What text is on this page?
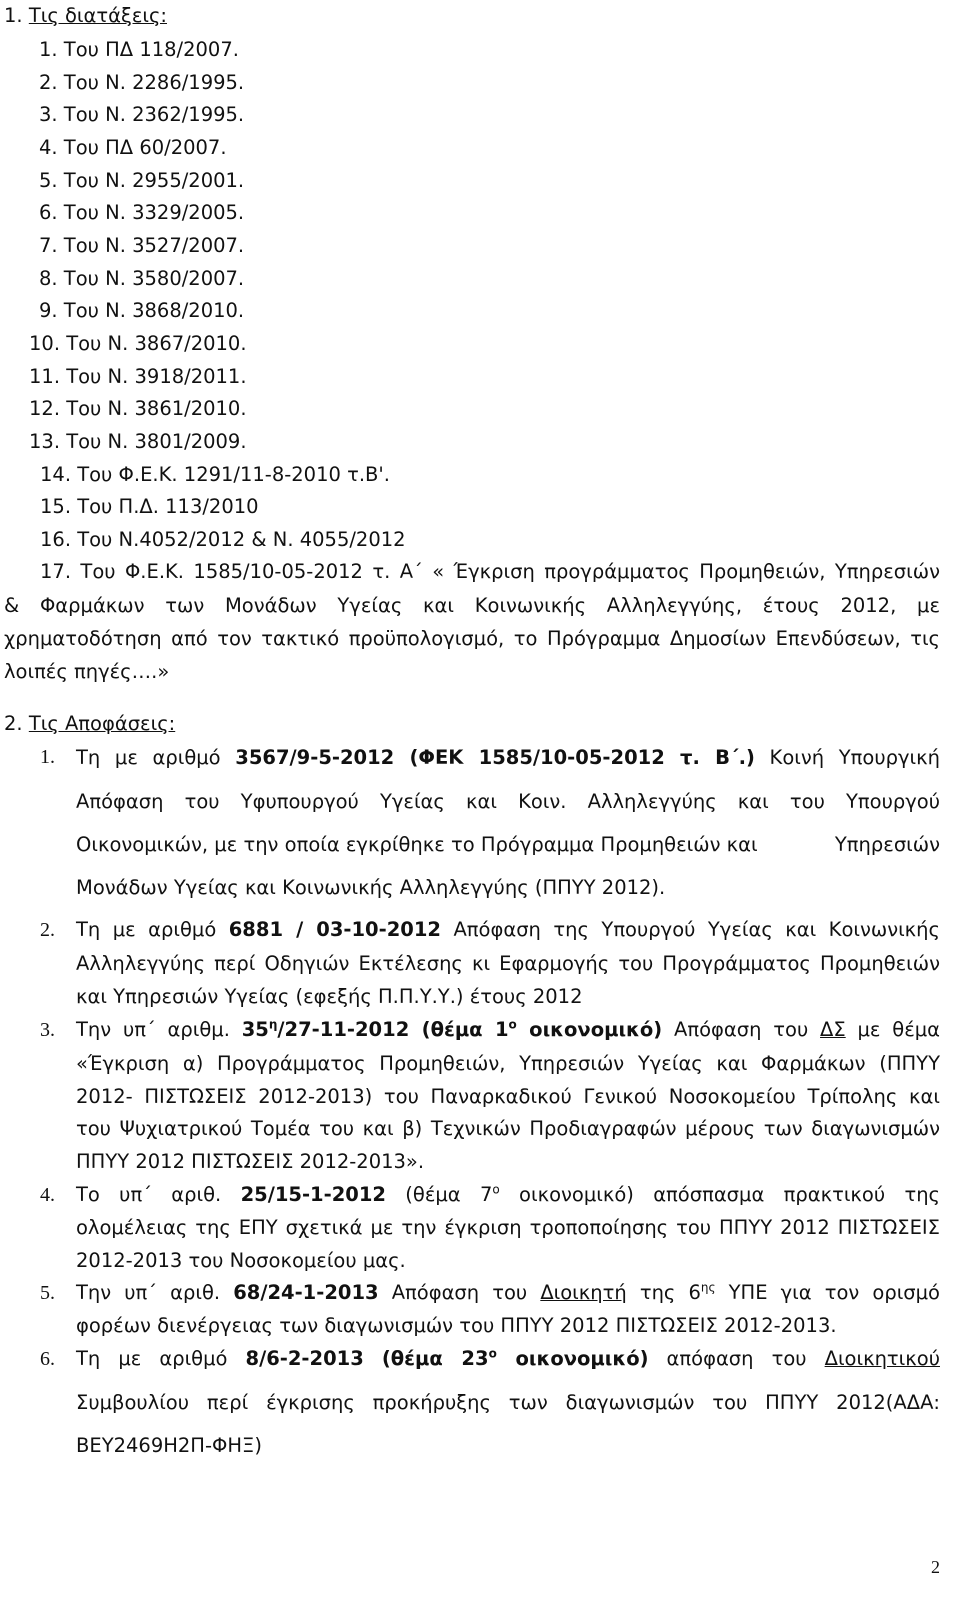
1. Τις διατάξεις:
1. Του ΠΔ 118/2007.
2. Του Ν. 2286/1995.
3. Του Ν. 2362/1995.
4. Του ΠΔ 60/2007.
5. Του Ν. 2955/2001.
6. Του Ν. 3329/2005.
7. Του Ν. 3527/2007.
8. Του Ν. 3580/2007.
9. Του Ν. 3868/2010.
10. Του Ν. 3867/2010.
11. Του Ν. 3918/2011.
12. Του Ν. 3861/2010.
13. Του Ν. 3801/2009.
14. Του Φ.Ε.Κ. 1291/11-8-2010 τ.Β'.
15. Του Π.Δ. 113/2010
16. Του Ν.4052/2012 & Ν. 4055/2012
17. Του Φ.Ε.Κ. 1585/10-05-2012 τ. Α΄ « Έγκριση προγράμματος Προμηθειών, Υπηρεσιών
& Φαρμάκων των Μονάδων Υγείας και Κοινωνικής Αλληλεγγύης, έτους 2012, με
χρηματοδότηση από τον τακτικό προϋπολογισμό, το Πρόγραμμα Δημοσίων Επενδύσεων, τις
λοιπές πηγές….»
2. Τις Αποφάσεις:
1. Τη με αριθμό 3567/9-5-2012 (ΦΕΚ 1585/10-05-2012 τ. Β΄.) Κοινή Υπουργική
Απόφαση του Υφυπουργού Υγείας και Κοιν. Αλληλεγγύης και του Υπουργού
Οικονομικών, με την οποία εγκρίθηκε το Πρόγραμμα Προμηθειών και	Υπηρεσιών
Μονάδων Υγείας και Κοινωνικής Αλληλεγγύης (ΠΠΥΥ 2012).
2. Τη με αριθμό 6881 / 03-10-2012 Απόφαση της Υπουργού Υγείας και Κοινωνικής
Αλληλεγγύης περί Οδηγιών Εκτέλεσης κι Εφαρμογής του Προγράμματος Προμηθειών
και Υπηρεσιών Υγείας (εφεξής Π.Π.Υ.Υ.) έτους 2012
3. Την υπ΄ αριθμ. $35^\eta/27-11-2012$ (θέμα $1^o$ οικονομικό) Απόφαση του ΔΣ με θέμα
«Έγκριση α) Προγράμματος Προμηθειών, Υπηρεσιών Υγείας και Φαρμάκων (ΠΠΥΥ
2012- ΠΙΣΤΩΣΕΙΣ 2012-2013) του Παναρκαδικού Γενικού Νοσοκομείου Τρίπολης και
του Ψυχιατρικού Τομέα του και β) Τεχνικών Προδιαγραφών μέρους των διαγωνισμών
ΠΠΥΥ 2012 ΠΙΣΤΩΣΕΙΣ 2012-2013».
4. Το υπ΄ αριθ. 25/15-1-2012 (θέμα $7^o$ οικονομικό) απόσπασμα πρακτικού της
ολομέλειας της ΕΠΥ σχετικά με την έγκριση τροποποίησης του ΠΠΥΥ 2012 ΠΙΣΤΩΣΕΙΣ
2012-2013 του Νοσοκομείου μας.
5. Την υπ΄ αριθ. 68/24-1-2013 Απόφαση του Διοικητή της $6^{\eta\varsigma}$ ΥΠΕ για τον ορισμό
φορέων διενέργειας των διαγωνισμών του ΠΠΥΥ 2012 ΠΙΣΤΩΣΕΙΣ 2012-2013.
6. Τη με αριθμό 8/6-2-2013 (θέμα $23^o$ οικονομικό) απόφαση του Διοικητικού
Συμβουλίου περί έγκρισης προκήρυξης των διαγωνισμών του ΠΠΥΥ 2012(ΑΔΑ:
ΒΕΥ2469Η2Π-ΦΗΞ)
2
